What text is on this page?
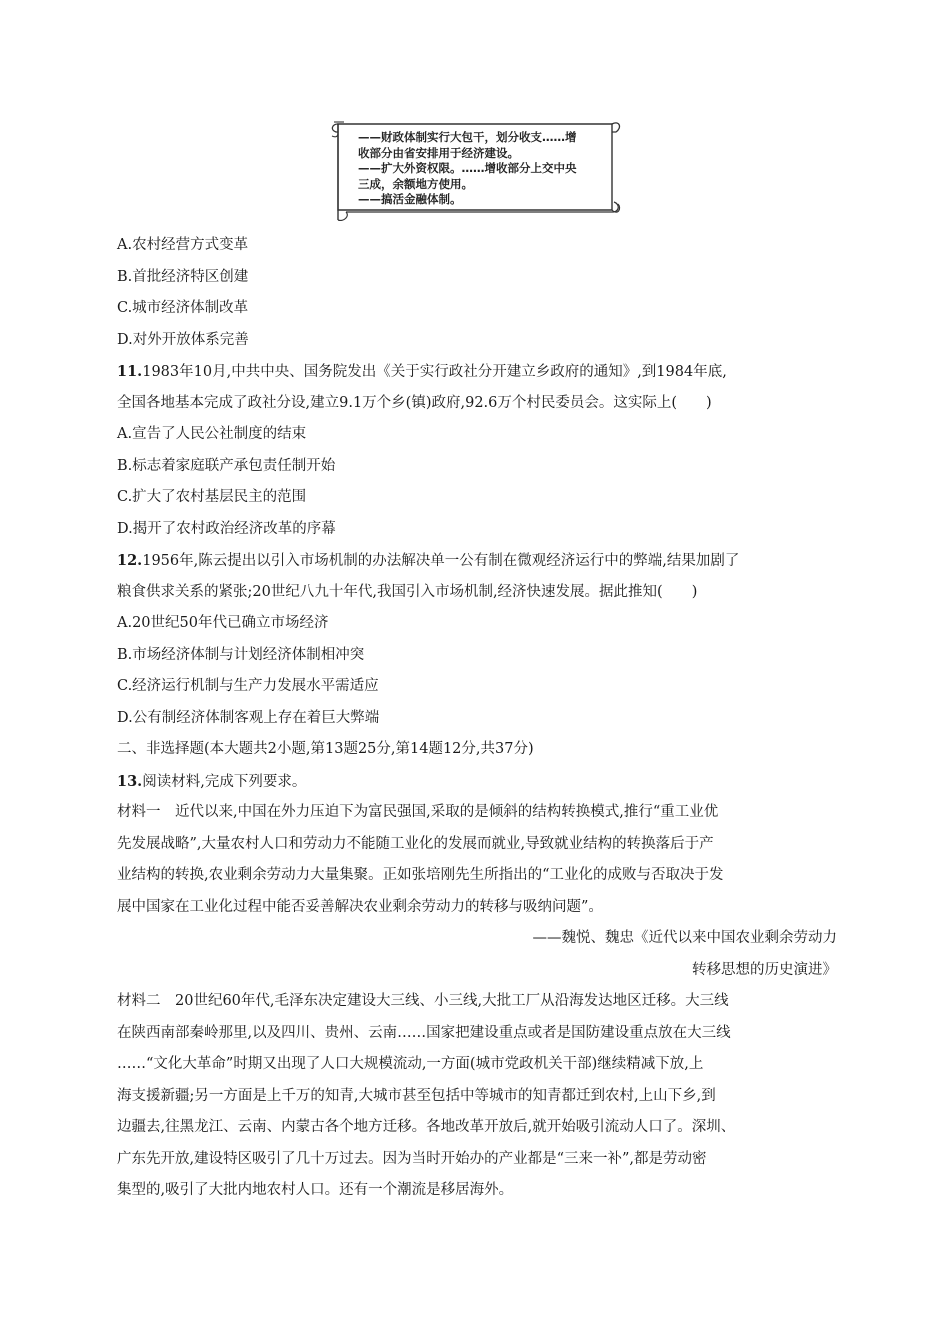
——财政体制实行大包干，划分收支……增
收部分由省安排用于经济建设。
——扩大外资权限。……增收部分上交中央
三成，余额地方使用。
——搞活金融体制。
A.农村经营方式变革
B.首批经济特区创建
C.城市经济体制改革
D.对外开放体系完善
11.1983年10月,中共中央、国务院发出《关于实行政社分开建立乡政府的通知》,到1984年底,
全国各地基本完成了政社分设,建立9.1万个乡(镇)政府,92.6万个村民委员会。这实际上(　　)
A.宣告了人民公社制度的结束
B.标志着家庭联产承包责任制开始
C.扩大了农村基层民主的范围
D.揭开了农村政治经济改革的序幕
12.1956年,陈云提出以引入市场机制的办法解决单一公有制在微观经济运行中的弊端,结果加剧了
粮食供求关系的紧张;20世纪八九十年代,我国引入市场机制,经济快速发展。据此推知(　　)
A.20世纪50年代已确立市场经济
B.市场经济体制与计划经济体制相冲突
C.经济运行机制与生产力发展水平需适应
D.公有制经济体制客观上存在着巨大弊端
二、非选择题(本大题共2小题,第13题25分,第14题12分,共37分)
13.阅读材料,完成下列要求。
材料一　近代以来,中国在外力压迫下为富民强国,采取的是倾斜的结构转换模式,推行“重工业优
先发展战略”,大量农村人口和劳动力不能随工业化的发展而就业,导致就业结构的转换落后于产
业结构的转换,农业剩余劳动力大量集聚。正如张培刚先生所指出的“工业化的成败与否取决于发
展中国家在工业化过程中能否妥善解决农业剩余劳动力的转移与吸纳问题”。
——魏悦、魏忠《近代以来中国农业剩余劳动力
转移思想的历史演进》
材料二　20世纪60年代,毛泽东决定建设大三线、小三线,大批工厂从沿海发达地区迁移。大三线
在陕西南部秦岭那里,以及四川、贵州、云南……国家把建设重点或者是国防建设重点放在大三线
……“文化大革命”时期又出现了人口大规模流动,一方面(城市党政机关干部)继续精减下放,上
海支援新疆;另一方面是上千万的知青,大城市甚至包括中等城市的知青都迁到农村,上山下乡,到
边疆去,往黑龙江、云南、内蒙古各个地方迁移。各地改革开放后,就开始吸引流动人口了。深圳、
广东先开放,建设特区吸引了几十万过去。因为当时开始办的产业都是“三来一补”,都是劳动密
集型的,吸引了大批内地农村人口。还有一个潮流是移居海外。
